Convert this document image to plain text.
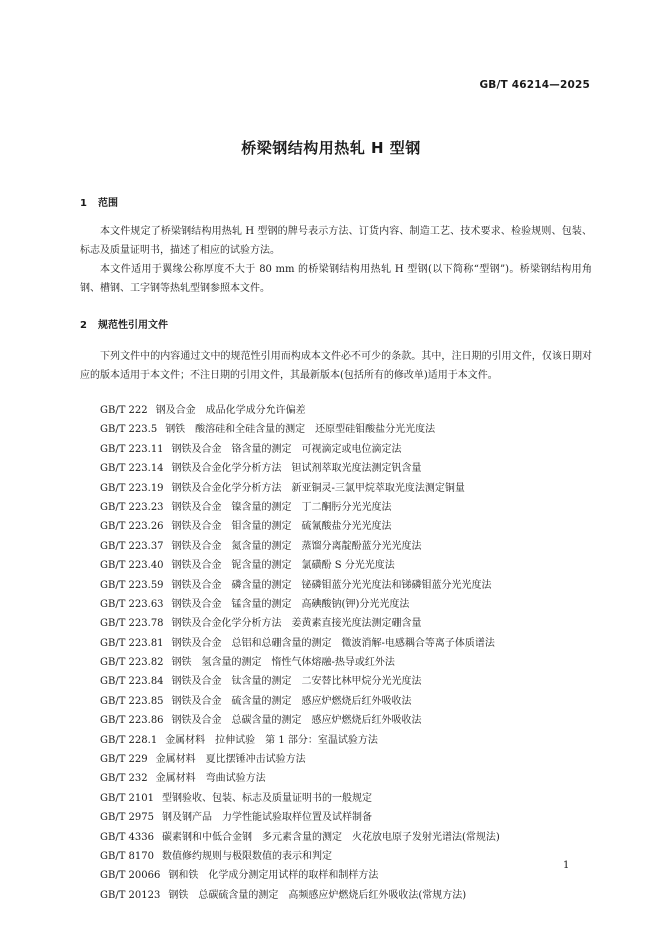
GB/T 46214—2025
桥梁钢结构用热轧 H 型钢
1 范围

本文件规定了桥梁钢结构用热轧 H 型钢的牌号表示方法、订货内容、制造工艺、技术要求、检验规则、包装、标志及质量证明书，描述了相应的试验方法。

本文件适用于翼缘公称厚度不大于 80 mm 的桥梁钢结构用热轧 H 型钢(以下简称“型钢”)。桥梁钢结构用角钢、槽钢、工字钢等热轧型钢参照本文件。

2 规范性引用文件

下列文件中的内容通过文中的规范性引用而构成本文件必不可少的条款。其中，注日期的引用文件，仅该日期对应的版本适用于本文件；不注日期的引用文件，其最新版本(包括所有的修改单)适用于本文件。

GB/T 222 钢及合金　成品化学成分允许偏差
GB/T 223.5 钢铁　酸溶硅和全硅含量的测定　还原型硅钼酸盐分光光度法
GB/T 223.11 钢铁及合金　铬含量的测定　可视滴定或电位滴定法
GB/T 223.14 钢铁及合金化学分析方法　钽试剂萃取光度法测定钒含量
GB/T 223.19 钢铁及合金化学分析方法　新亚铜灵-三氯甲烷萃取光度法测定铜量
GB/T 223.23 钢铁及合金　镍含量的测定　丁二酮肟分光光度法
GB/T 223.26 钢铁及合金　钼含量的测定　硫氰酸盐分光光度法
GB/T 223.37 钢铁及合金　氮含量的测定　蒸馏分离靛酚蓝分光光度法
GB/T 223.40 钢铁及合金　铌含量的测定　氯磺酚 S 分光光度法
GB/T 223.59 钢铁及合金　磷含量的测定　铋磷钼蓝分光光度法和锑磷钼蓝分光光度法
GB/T 223.63 钢铁及合金　锰含量的测定　高碘酸钠(钾)分光光度法
GB/T 223.78 钢铁及合金化学分析方法　姜黄素直接光度法测定硼含量
GB/T 223.81 钢铁及合金　总铝和总硼含量的测定　微波消解-电感耦合等离子体质谱法
GB/T 223.82 钢铁　氢含量的测定　惰性气体熔融-热导或红外法
GB/T 223.84 钢铁及合金　钛含量的测定　二安替比林甲烷分光光度法
GB/T 223.85 钢铁及合金　硫含量的测定　感应炉燃烧后红外吸收法
GB/T 223.86 钢铁及合金　总碳含量的测定　感应炉燃烧后红外吸收法
GB/T 228.1 金属材料　拉伸试验　第 1 部分：室温试验方法
GB/T 229 金属材料　夏比摆锤冲击试验方法
GB/T 232 金属材料　弯曲试验方法
GB/T 2101 型钢验收、包装、标志及质量证明书的一般规定
GB/T 2975 钢及钢产品　力学性能试验取样位置及试样制备
GB/T 4336 碳素钢和中低合金钢　多元素含量的测定　火花放电原子发射光谱法(常规法)
GB/T 8170 数值修约规则与极限数值的表示和判定
GB/T 20066 钢和铁　化学成分测定用试样的取样和制样方法
GB/T 20123 钢铁　总碳硫含量的测定　高频感应炉燃烧后红外吸收法(常规方法)
1
